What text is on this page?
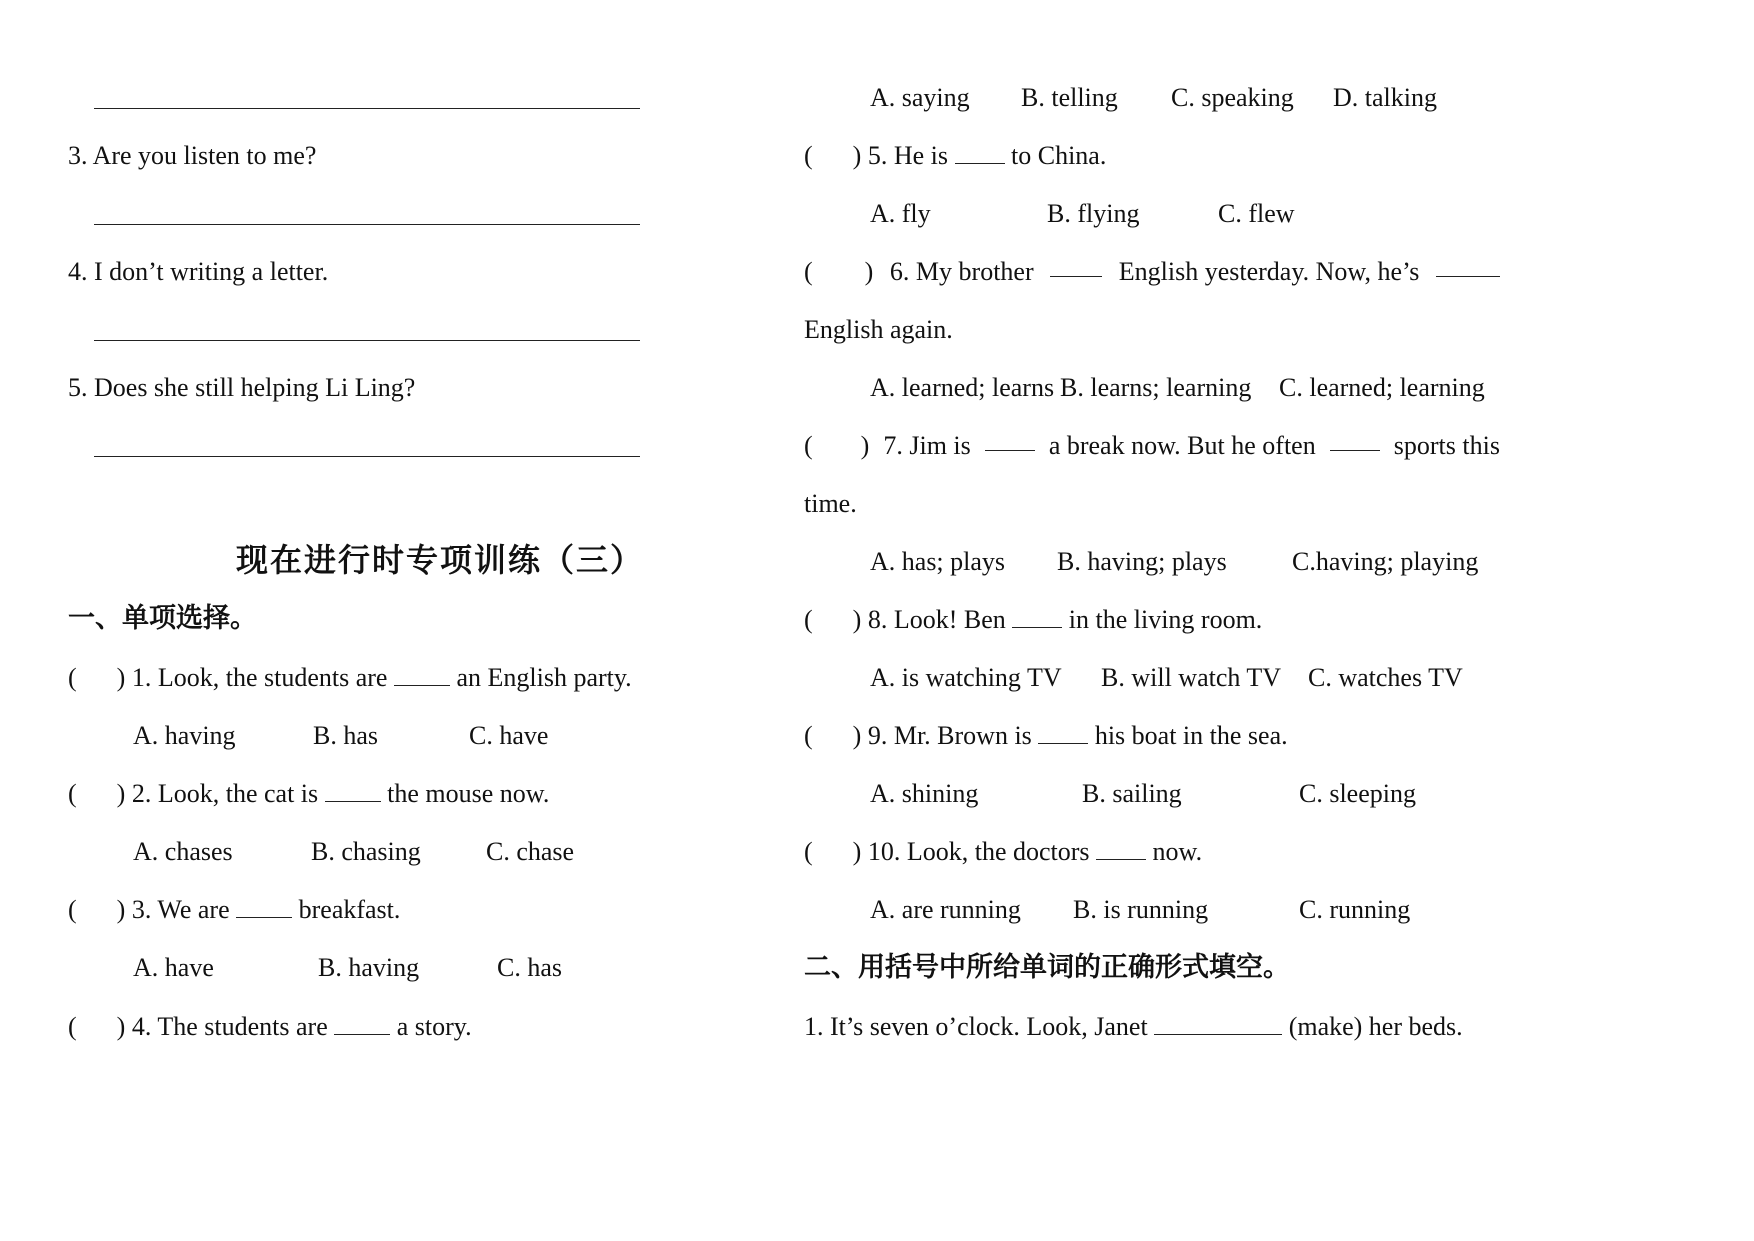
3. Are you listen to me?
4. I don’t writing a letter.
5. Does she still helping Li Ling?
现在进行时专项训练（三）
一、单项选择。
( ) 1. Look, the students are	an English party.
A. having	B. has	C. have
( ) 2. Look, the cat is	the mouse now.
A. chases	B. chasing	C. chase
( ) 3. We are	breakfast.
A. have	B. having	C. has
( ) 4. The students are	a story.
A. saying B. telling C. speaking D. talking
( ) 5. He is to China.
A. fly	B. flying	C. flew
( ) 6. My brother	English yesterday. Now, he’s
English again.
A. learned; learns B. learns; learning C. learned; learning
( ) 7. Jim is	a break now. But he often	sports this
time.
A. has; plays B. having; plays	C.having; playing
( ) 8. Look! Ben in the living room.
A. is watching TV B. will watch TV C. watches TV
( ) 9. Mr. Brown is his boat in the sea.
A. shining	B. sailing	C. sleeping
( ) 10. Look, the doctors now.
A. are running B. is running	C. running
二、用括号中所给单词的正确形式填空。
1. It’s seven o’clock. Look, Janet	(make) her beds.
